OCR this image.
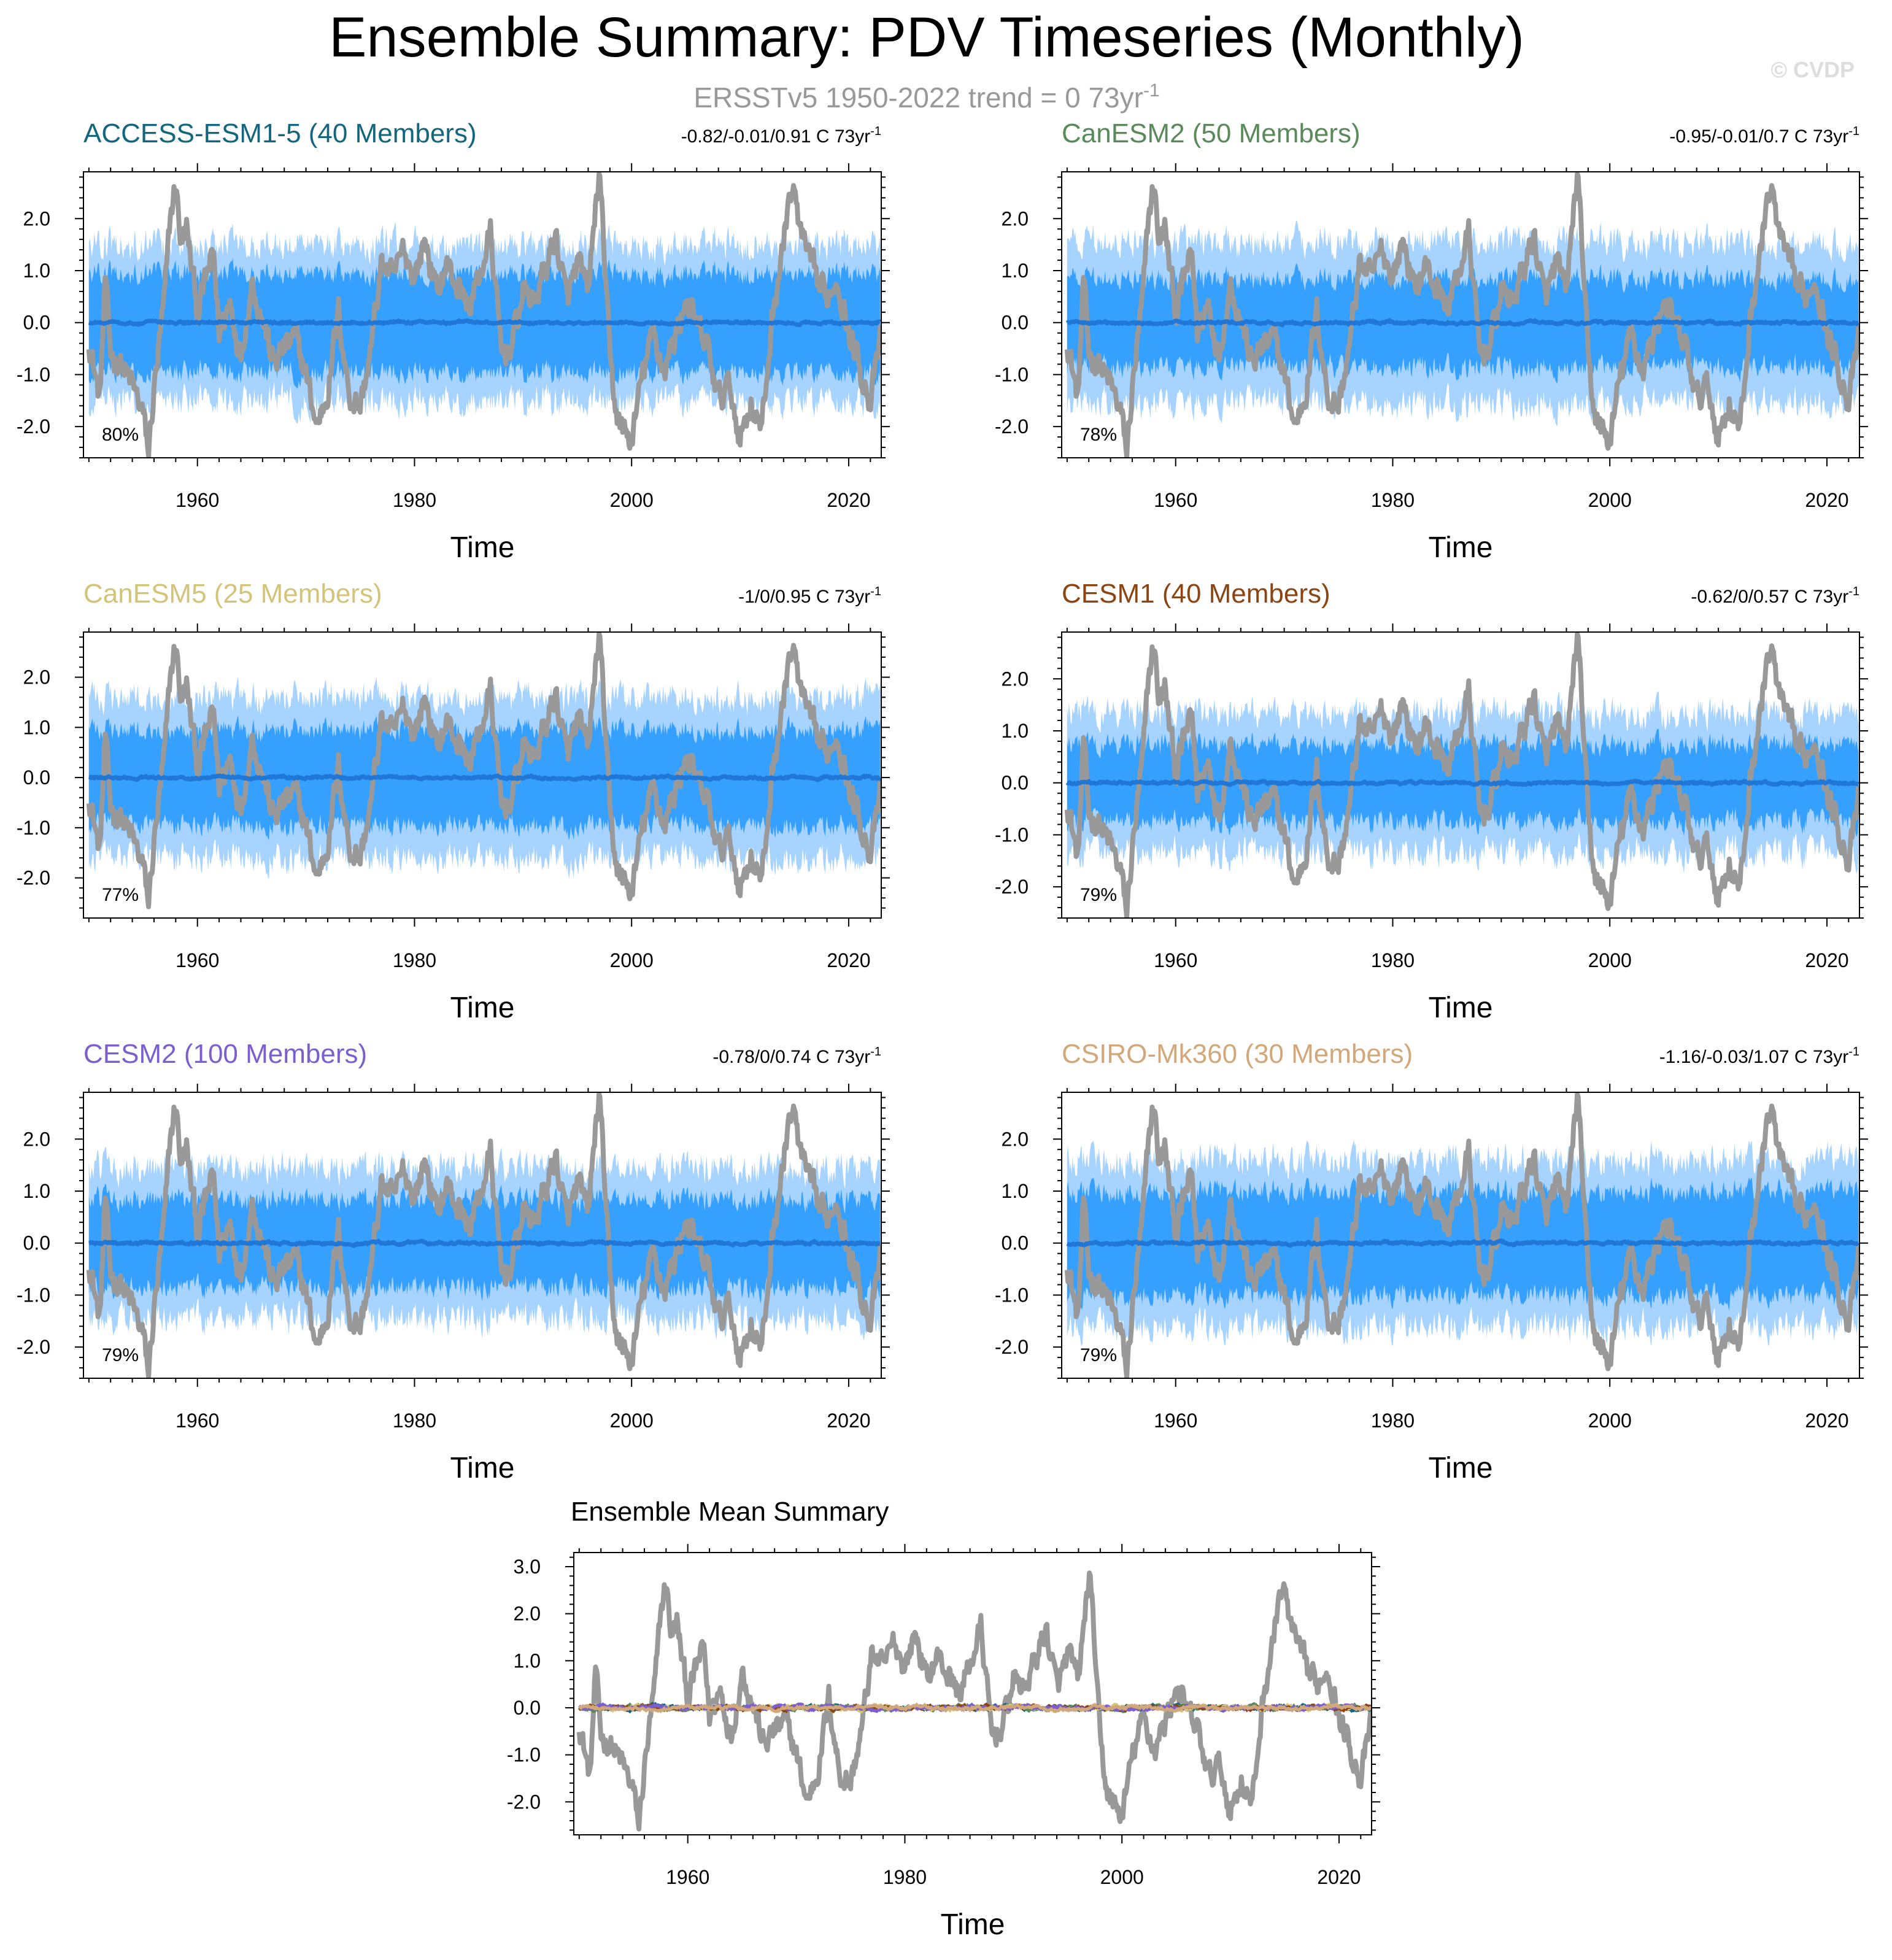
Ensemble Summary: PDV Timeseries (Monthly)
ERSSTv5 1950-2022 trend = 0 $73yr^{-1}$
© CVDP
1960	1980	2000	2020
-2.0
-1.0
0.0
1.0
2.0
Time
ACCESS-ESM1-5 (40 Members)	-0.82/-0.01/0.91 C $73yr^{-1}$
80%
1960	1980	2000	2020
-2.0
-1.0
0.0
1.0
2.0
Time
CanESM2 (50 Members)	-0.95/-0.01/0.7 C $73yr^{-1}$
78%
1960	1980	2000	2020
-2.0
-1.0
0.0
1.0
2.0
Time
CanESM5 (25 Members)	-1/0/0.95 C $73yr^{-1}$
77%
1960	1980	2000	2020
-2.0
-1.0
0.0
1.0
2.0
Time
CESM1 (40 Members)	-0.62/0/0.57 C $73yr^{-1}$
79%
1960	1980	2000	2020
-2.0
-1.0
0.0
1.0
2.0
Time
CESM2 (100 Members)	-0.78/0/0.74 C $73yr^{-1}$
79%
1960	1980	2000	2020
-2.0
-1.0
0.0
1.0
2.0
Time
CSIRO-Mk360 (30 Members)	-1.16/-0.03/1.07 C $73yr^{-1}$
79%
1960	1980	2000	2020
-2.0
-1.0
0.0
1.0
2.0
3.0
Time
Ensemble Mean Summary
